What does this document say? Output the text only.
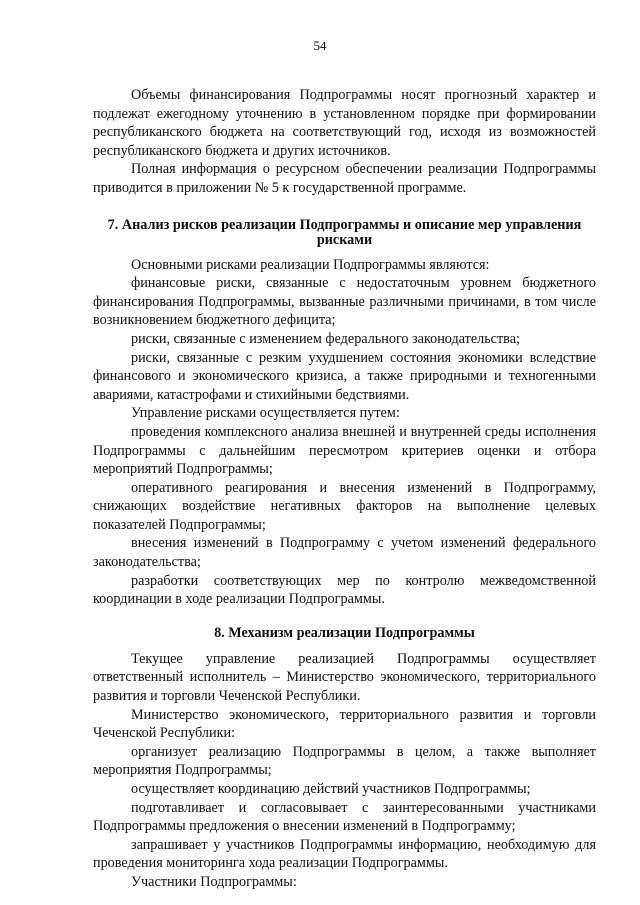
54

Объемы финансирования Подпрограммы носят прогнозный характер и подлежат ежегодному уточнению в установленном порядке при формировании республиканского бюджета на соответствующий год, исходя из возможностей республиканского бюджета и других источников.

Полная информация о ресурсном обеспечении реализации Подпрограммы приводится в приложении № 5 к государственной программе.

7. Анализ рисков реализации Подпрограммы и описание мер управления рисками

Основными рисками реализации Подпрограммы являются:

финансовые риски, связанные с недостаточным уровнем бюджетного финансирования Подпрограммы, вызванные различными причинами, в том числе возникновением бюджетного дефицита;

риски, связанные с изменением федерального законодательства;

риски, связанные с резким ухудшением состояния экономики вследствие финансового и экономического кризиса, а также природными и техногенными авариями, катастрофами и стихийными бедствиями.

Управление рисками осуществляется путем:

проведения комплексного анализа внешней и внутренней среды исполнения Подпрограммы с дальнейшим пересмотром критериев оценки и отбора мероприятий Подпрограммы;

оперативного реагирования и внесения изменений в Подпрограмму, снижающих воздействие негативных факторов на выполнение целевых показателей Подпрограммы;

внесения изменений в Подпрограмму с учетом изменений федерального законодательства;

разработки соответствующих мер по контролю межведомственной координации в ходе реализации Подпрограммы.

8. Механизм реализации Подпрограммы

Текущее управление реализацией Подпрограммы осуществляет ответственный исполнитель – Министерство экономического, территориального развития и торговли Чеченской Республики.

Министерство экономического, территориального развития и торговли Чеченской Республики:

организует реализацию Подпрограммы в целом, а также выполняет мероприятия Подпрограммы;

осуществляет координацию действий участников Подпрограммы;

подготавливает и согласовывает с заинтересованными участниками Подпрограммы предложения о внесении изменений в Подпрограмму;

запрашивает у участников Подпрограммы информацию, необходимую для проведения мониторинга хода реализации Подпрограммы.

Участники Подпрограммы:
